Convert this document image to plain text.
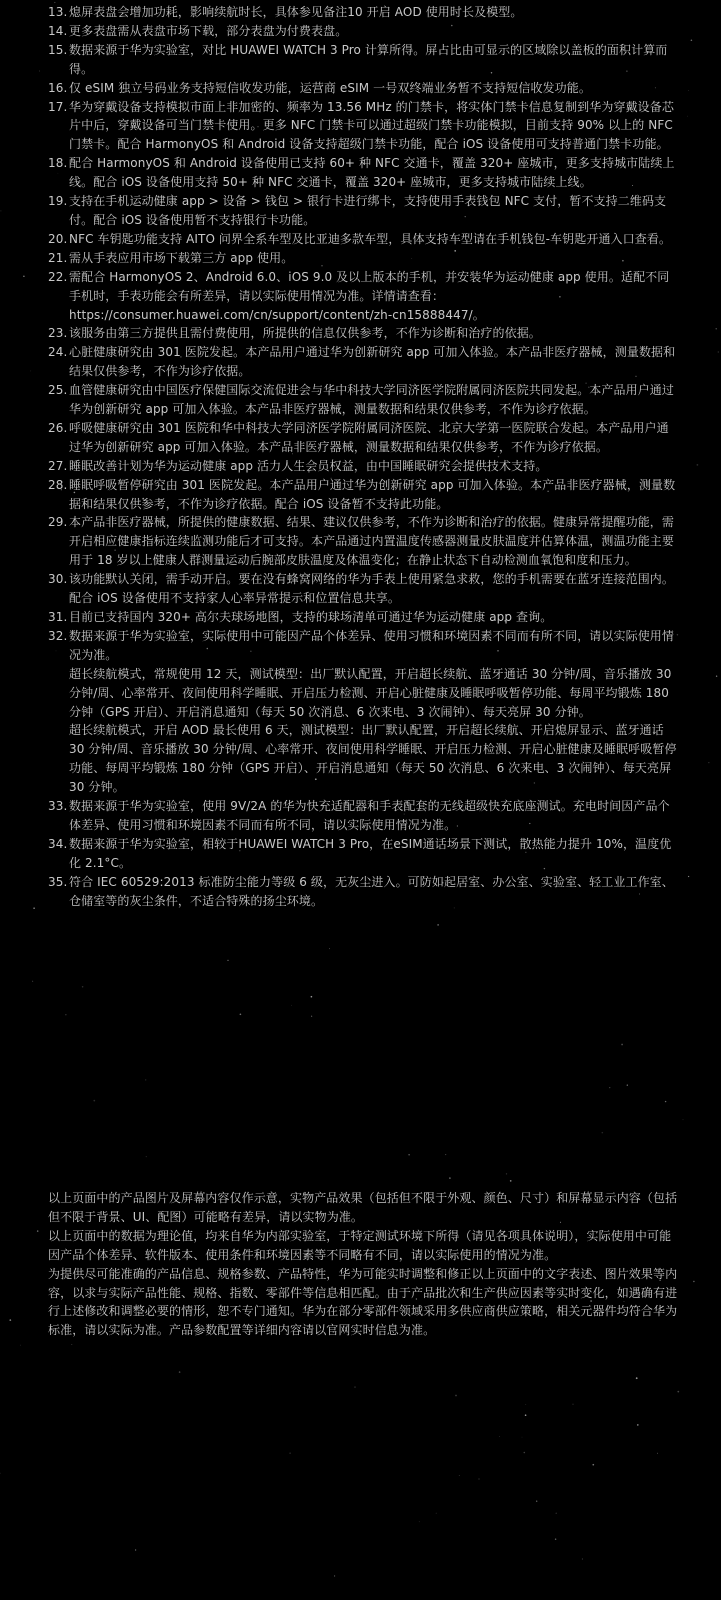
13. 熄屏表盘会增加功耗，影响续航时长，具体参见备注10 开启 AOD 使用时长及模型。
14. 更多表盘需从表盘市场下载，部分表盘为付费表盘。
15. 数据来源于华为实验室，对比 HUAWEI WATCH 3 Pro 计算所得。屏占比由可显示的区域除以盖板的面积计算而得。
16. 仅 eSIM 独立号码业务支持短信收发功能，运营商 eSIM 一号双终端业务暂不支持短信收发功能。
17. 华为穿戴设备支持模拟市面上非加密的、频率为 13.56 MHz 的门禁卡，将实体门禁卡信息复制到华为穿戴设备芯片中后，穿戴设备可当门禁卡使用。更多 NFC 门禁卡可以通过超级门禁卡功能模拟，目前支持 90% 以上的 NFC 门禁卡。配合 HarmonyOS 和 Android 设备支持超级门禁卡功能，配合 iOS 设备使用可支持普通门禁卡功能。
18. 配合 HarmonyOS 和 Android 设备使用已支持 60+ 种 NFC 交通卡，覆盖 320+ 座城市，更多支持城市陆续上线。配合 iOS 设备使用支持 50+ 种 NFC 交通卡，覆盖 320+ 座城市，更多支持城市陆续上线。
19. 支持在手机运动健康 app > 设备 > 钱包 > 银行卡进行绑卡，支持使用手表钱包 NFC 支付，暂不支持二维码支付。配合 iOS 设备使用暂不支持银行卡功能。
20. NFC 车钥匙功能支持 AITO 问界全系车型及比亚迪多款车型，具体支持车型请在手机钱包-车钥匙开通入口查看。
21. 需从手表应用市场下载第三方 app 使用。
22. 需配合 HarmonyOS 2、Android 6.0、iOS 9.0 及以上版本的手机，并安装华为运动健康 app 使用。适配不同手机时，手表功能会有所差异，请以实际使用情况为准。详情请查看：https://consumer.huawei.com/cn/support/content/zh-cn15888447/。
23. 该服务由第三方提供且需付费使用，所提供的信息仅供参考，不作为诊断和治疗的依据。
24. 心脏健康研究由 301 医院发起。本产品用户通过华为创新研究 app 可加入体验。本产品非医疗器械，测量数据和结果仅供参考，不作为诊疗依据。
25. 血管健康研究由中国医疗保健国际交流促进会与华中科技大学同济医学院附属同济医院共同发起。本产品用户通过华为创新研究 app 可加入体验。本产品非医疗器械，测量数据和结果仅供参考，不作为诊疗依据。
26. 呼吸健康研究由 301 医院和华中科技大学同济医学院附属同济医院、北京大学第一医院联合发起。本产品用户通过华为创新研究 app 可加入体验。本产品非医疗器械，测量数据和结果仅供参考，不作为诊疗依据。
27. 睡眠改善计划为华为运动健康 app 活力人生会员权益，由中国睡眠研究会提供技术支持。
28. 睡眠呼吸暂停研究由 301 医院发起。本产品用户通过华为创新研究 app 可加入体验。本产品非医疗器械，测量数据和结果仅供参考，不作为诊疗依据。配合 iOS 设备暂不支持此功能。
29. 本产品非医疗器械，所提供的健康数据、结果、建议仅供参考，不作为诊断和治疗的依据。健康异常提醒功能，需开启相应健康指标连续监测功能后才可支持。本产品通过内置温度传感器测量皮肤温度并估算体温，测温功能主要用于 18 岁以上健康人群测量运动后腕部皮肤温度及体温变化；在静止状态下自动检测血氧饱和度和压力。
30. 该功能默认关闭，需手动开启。要在没有蜂窝网络的华为手表上使用紧急求救，您的手机需要在蓝牙连接范围内。配合 iOS 设备使用不支持家人心率异常提示和位置信息共享。
31. 目前已支持国内 320+ 高尔夫球场地图，支持的球场清单可通过华为运动健康 app 查询。
32. 数据来源于华为实验室，实际使用中可能因产品个体差异、使用习惯和环境因素不同而有所不同，请以实际使用情况为准。
超长续航模式，常规使用 12 天，测试模型：出厂默认配置，开启超长续航、蓝牙通话 30 分钟/周、音乐播放 30 分钟/周、心率常开、夜间使用科学睡眠、开启压力检测、开启心脏健康及睡眠呼吸暂停功能、每周平均锻炼 180 分钟（GPS 开启）、开启消息通知（每天 50 次消息、6 次来电、3 次闹钟）、每天亮屏 30 分钟。
超长续航模式，开启 AOD 最长使用 6 天，测试模型：出厂默认配置，开启超长续航、开启熄屏显示、蓝牙通话 30 分钟/周、音乐播放 30 分钟/周、心率常开、夜间使用科学睡眠、开启压力检测、开启心脏健康及睡眠呼吸暂停功能、每周平均锻炼 180 分钟（GPS 开启）、开启消息通知（每天 50 次消息、6 次来电、3 次闹钟）、每天亮屏 30 分钟。
33. 数据来源于华为实验室，使用 9V/2A 的华为快充适配器和手表配套的无线超级快充底座测试。充电时间因产品个体差异、使用习惯和环境因素不同而有所不同，请以实际使用情况为准。
34. 数据来源于华为实验室，相较于HUAWEI WATCH 3 Pro，在eSIM通话场景下测试，散热能力提升 10%，温度优化 2.1°C。
35. 符合 IEC 60529:2013 标准防尘能力等级 6 级，无灰尘进入。可防如起居室、办公室、实验室、轻工业工作室、仓储室等的灰尘条件，不适合特殊的扬尘环境。

以上页面中的产品图片及屏幕内容仅作示意，实物产品效果（包括但不限于外观、颜色、尺寸）和屏幕显示内容（包括但不限于背景、UI、配图）可能略有差异，请以实物为准。

以上页面中的数据为理论值，均来自华为内部实验室，于特定测试环境下所得（请见各项具体说明），实际使用中可能因产品个体差异、软件版本、使用条件和环境因素等不同略有不同，请以实际使用的情况为准。

为提供尽可能准确的产品信息、规格参数、产品特性，华为可能实时调整和修正以上页面中的文字表述、图片效果等内容，以求与实际产品性能、规格、指数、零部件等信息相匹配。由于产品批次和生产供应因素等实时变化，如遇确有进行上述修改和调整必要的情形，恕不专门通知。华为在部分零部件领域采用多供应商供应策略，相关元器件均符合华为标准，请以实际为准。产品参数配置等详细内容请以官网实时信息为准。
